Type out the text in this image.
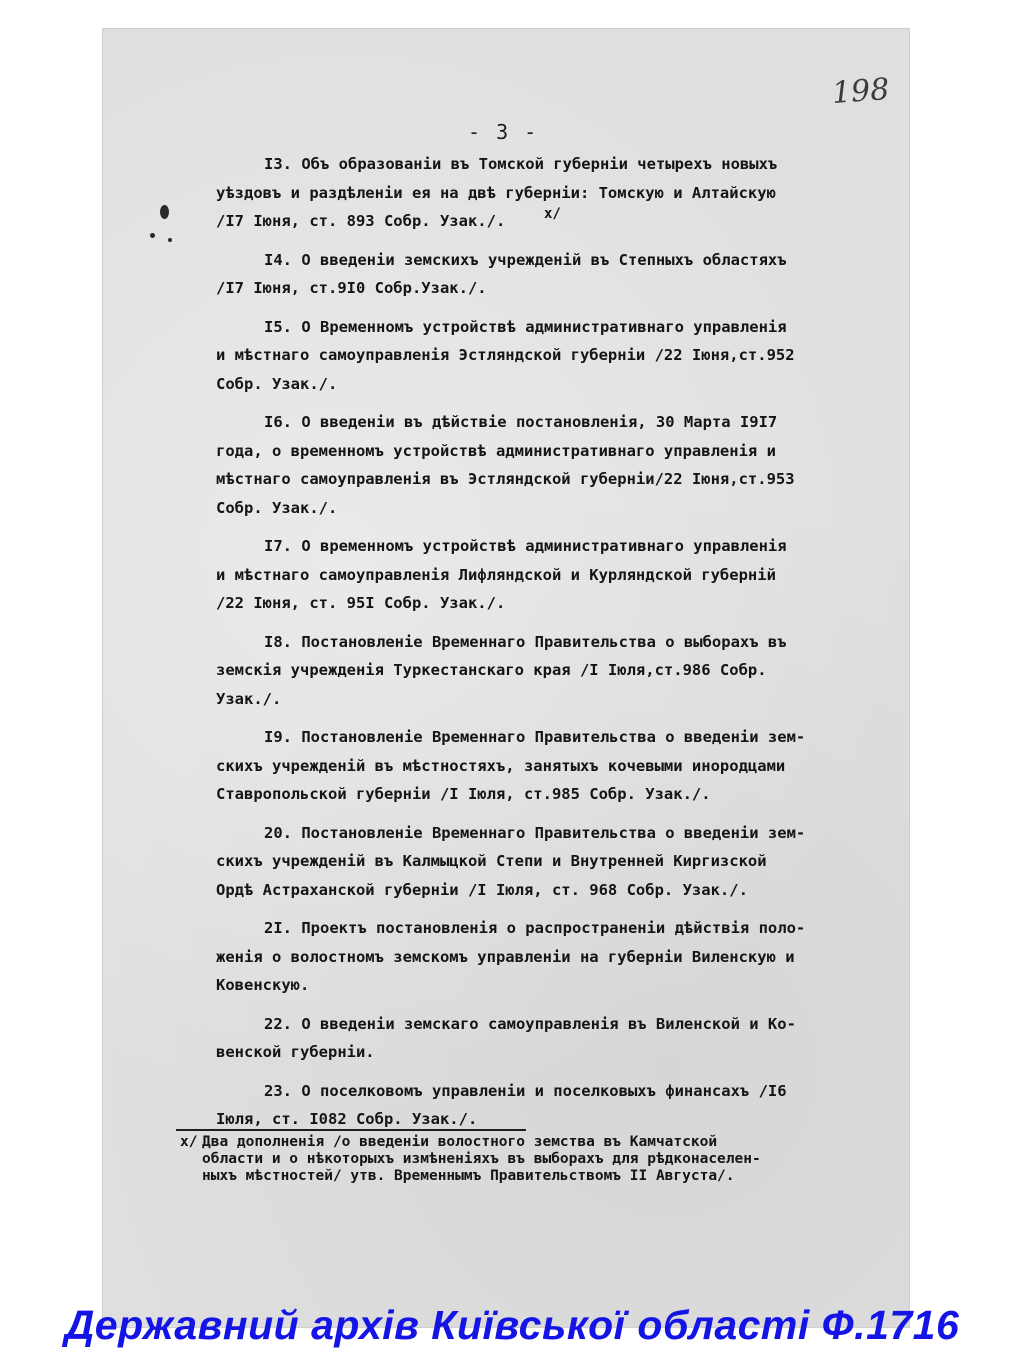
198
- 3 -
x/
I3. Объ образованіи въ Томской губерніи четырехъ новыхъ
уѣздовъ и раздѣленіи ея на двѣ губерніи: Томскую и Алтайскую
/I7 Іюня, ст. 893 Собр. Узак./.
I4. О введеніи земскихъ учрежденій въ Степныхъ областяхъ
/I7 Іюня, ст.9I0 Собр.Узак./.
I5. О Временномъ устройствѣ административнаго управленія
и мѣстнаго самоуправленія Эстляндской губерніи /22 Іюня,ст.952
Собр. Узак./.
I6. О введеніи въ дѣйствіе постановленія, 30 Марта I9I7
года, о временномъ устройствѣ административнаго управленія и
мѣстнаго самоуправленія въ Эстляндской губерніи/22 Іюня,ст.953
Собр. Узак./.
I7. О временномъ устройствѣ административнаго управленія
и мѣстнаго самоуправленія Лифляндской и Курляндской губерній
/22 Іюня, ст. 95I Собр. Узак./.
I8. Постановленіе Временнаго Правительства о выборахъ въ
земскія учрежденія Туркестанскаго края /I Іюля,ст.986 Собр.
Узак./.
I9. Постановленіе Временнаго Правительства о введеніи зем-
скихъ учрежденій въ мѣстностяхъ, занятыхъ кочевыми инородцами
Ставропольской губерніи /I Іюля, ст.985 Собр. Узак./.
20. Постановленіе Временнаго Правительства о введеніи зем-
скихъ учрежденій въ Калмыцкой Степи и Внутренней Киргизской
Ордѣ Астраханской губерніи /I Іюля, ст. 968 Собр. Узак./.
2I. Проектъ постановленія о распространеніи дѣйствія поло-
женія о волостномъ земскомъ управленіи на губерніи Виленскую и
Ковенскую.
22. О введеніи земскаго самоуправленія въ Виленской и Ко-
венской губерніи.
23. О поселковомъ управленіи и поселковыхъ финансахъ /I6
Іюля, ст. I082 Собр. Узак./.
x/ Два дополненія /о введеніи волостного земства въ Камчатской
области и о нѣкоторыхъ измѣненіяхъ въ выборахъ для рѣдконаселен-
ныхъ мѣстностей/ утв. Временнымъ Правительствомъ II Августа/.
Державний архів Київської області Ф.1716
